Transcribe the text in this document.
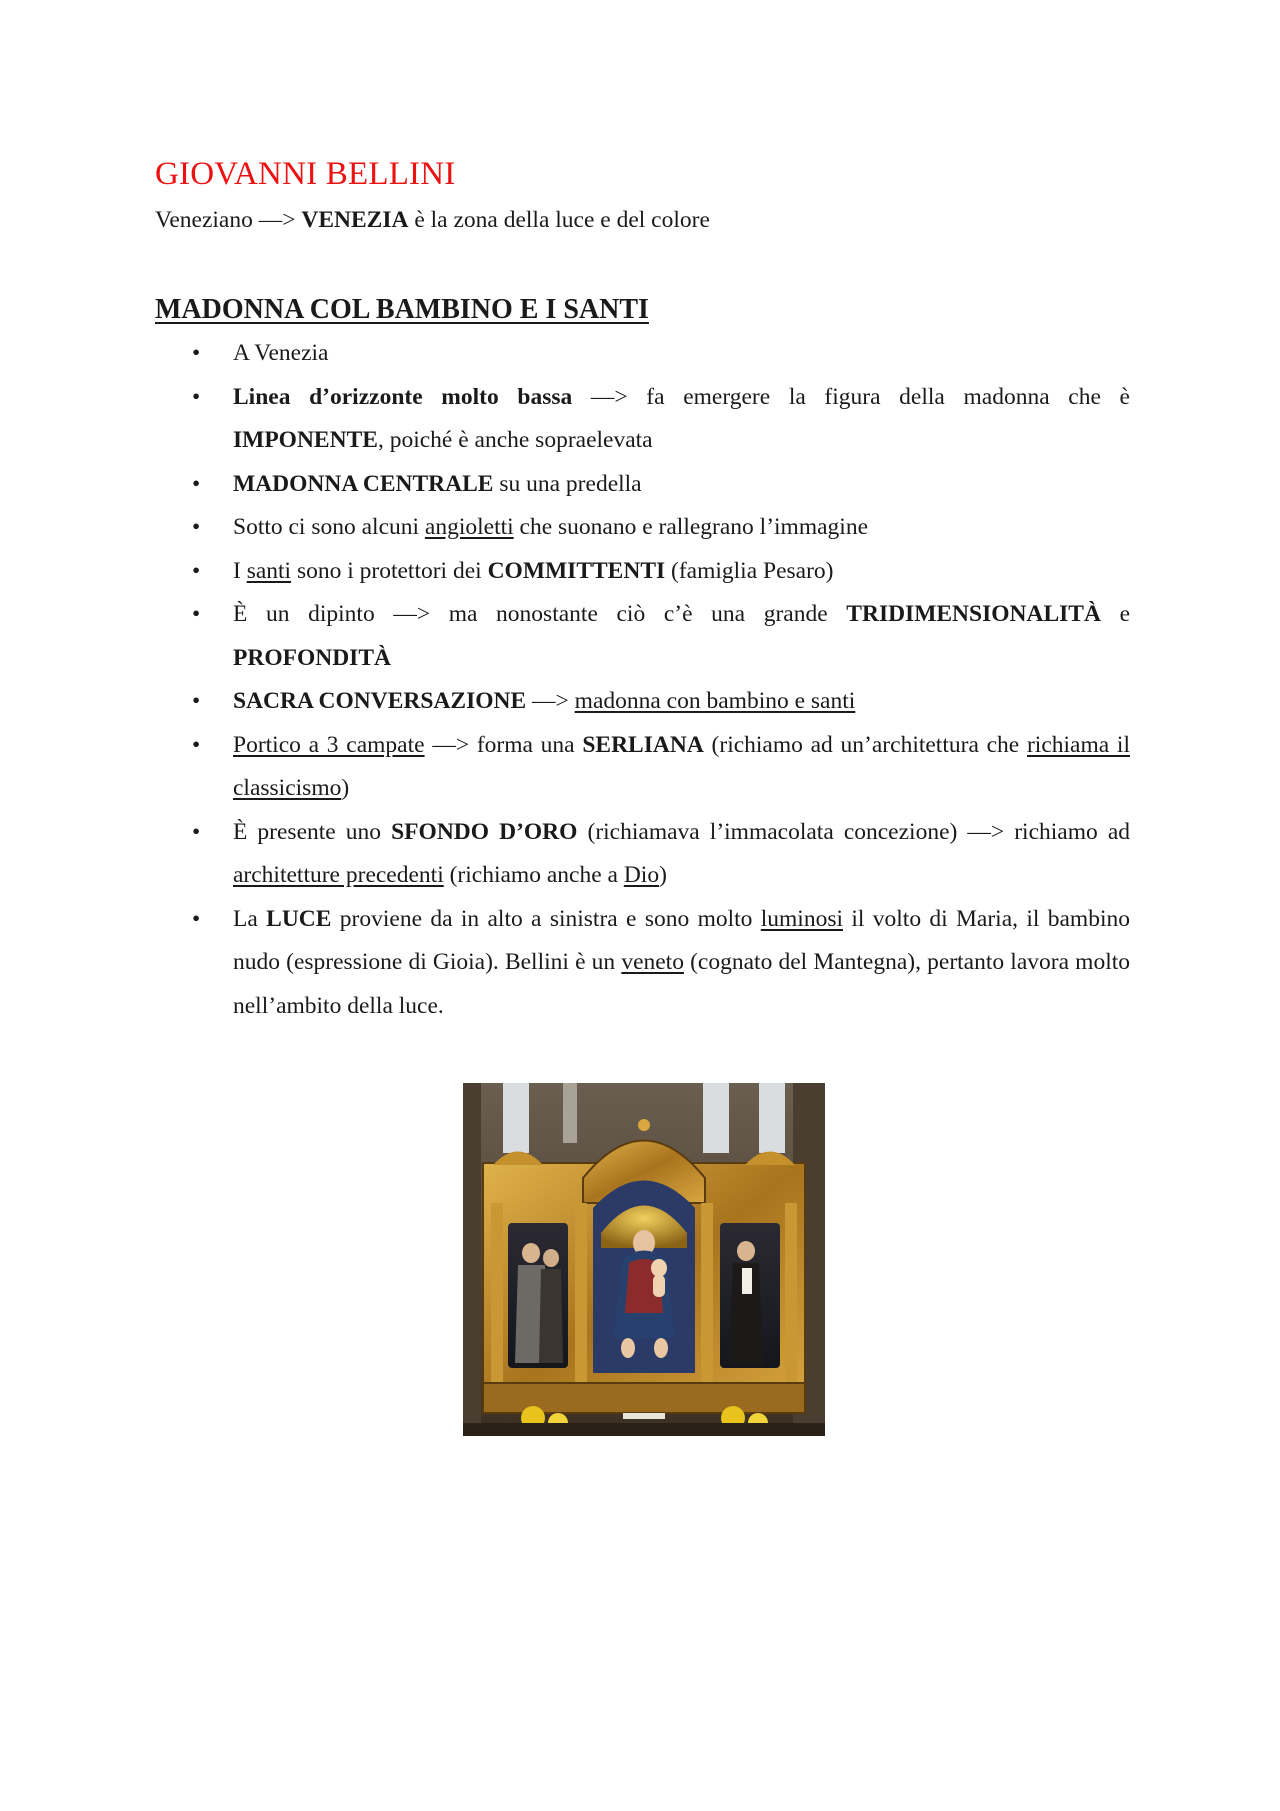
GIOVANNI BELLINI
Veneziano —> VENEZIA è la zona della luce e del colore
MADONNA COL BAMBINO E I SANTI
• A Venezia
• Linea d’orizzonte molto bassa —> fa emergere la figura della madonna che è IMPONENTE, poiché è anche sopraelevata
• MADONNA CENTRALE su una predella
• Sotto ci sono alcuni angioletti che suonano e rallegrano l’immagine
• I santi sono i protettori dei COMMITTENTI (famiglia Pesaro)
• È un dipinto —> ma nonostante ciò c’è una grande TRIDIMENSIONALITÀ e PROFONDITÀ
• SACRA CONVERSAZIONE —> madonna con bambino e santi
• Portico a 3 campate —> forma una SERLIANA (richiamo ad un’architettura che richiama il classicismo)
• È presente uno SFONDO D’ORO (richiamava l’immacolata concezione) —> richiamo ad architetture precedenti (richiamo anche a Dio)
• La LUCE proviene da in alto a sinistra e sono molto luminosi il volto di Maria, il bambino nudo (espressione di Gioia). Bellini è un veneto (cognato del Mantegna), pertanto lavora molto nell’ambito della luce.
